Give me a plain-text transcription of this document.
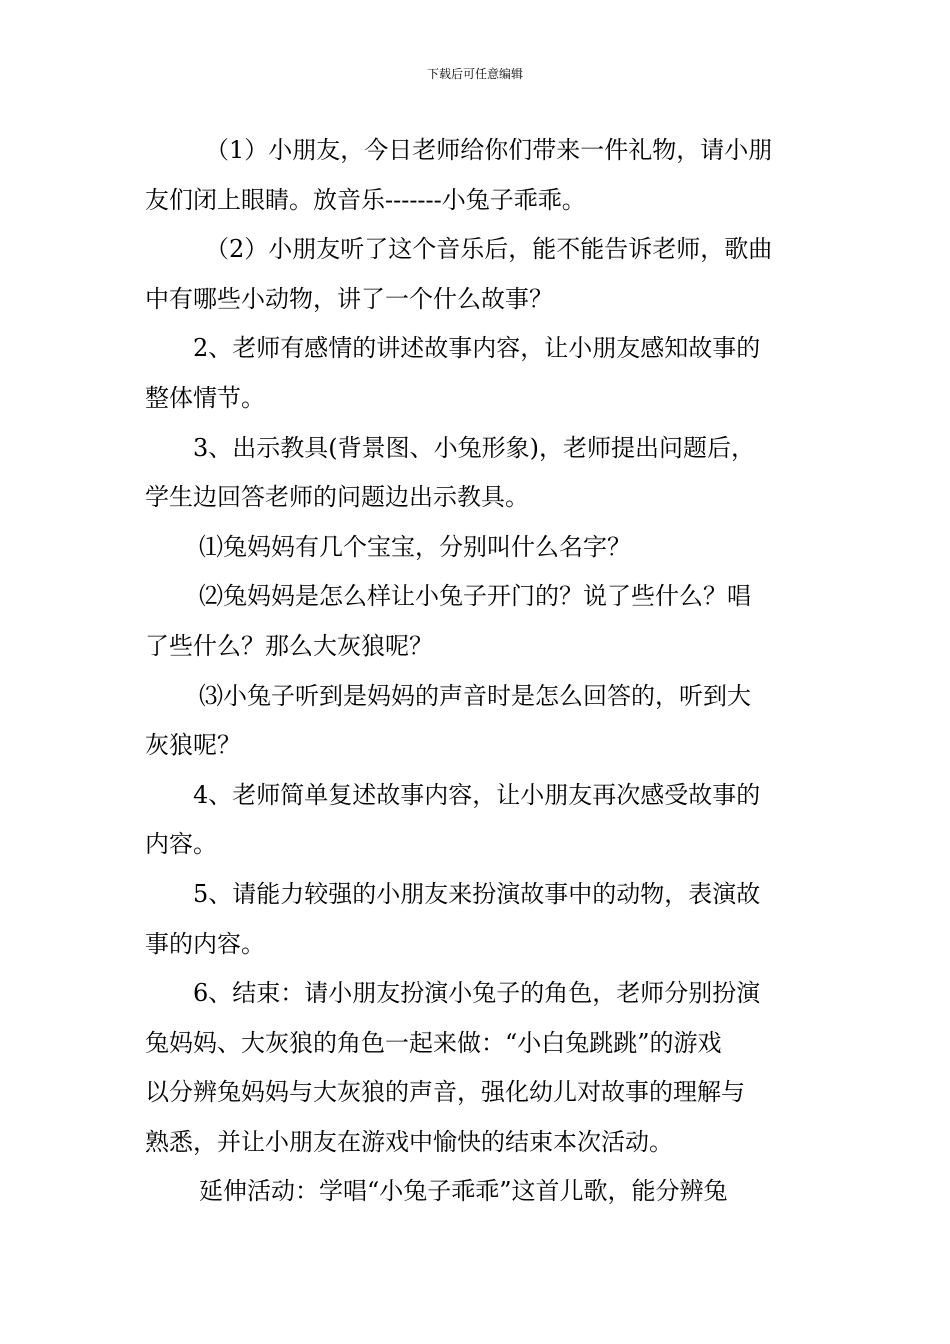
下载后可任意编辑
（1）小朋友，今日老师给你们带来一件礼物，请小朋
友们闭上眼睛。放音乐-------小兔子乖乖。
（2）小朋友听了这个音乐后，能不能告诉老师，歌曲
中有哪些小动物，讲了一个什么故事？
2、老师有感情的讲述故事内容，让小朋友感知故事的
整体情节。
3、出示教具(背景图、小兔形象)，老师提出问题后，
学生边回答老师的问题边出示教具。
⑴兔妈妈有几个宝宝，分别叫什么名字？
⑵兔妈妈是怎么样让小兔子开门的？说了些什么？唱
了些什么？那么大灰狼呢？
⑶小兔子听到是妈妈的声音时是怎么回答的，听到大
灰狼呢？
4、老师简单复述故事内容，让小朋友再次感受故事的
内容。
5、请能力较强的小朋友来扮演故事中的动物，表演故
事的内容。
6、结束：请小朋友扮演小兔子的角色，老师分别扮演
兔妈妈、大灰狼的角色一起来做：“小白兔跳跳”的游戏
以分辨兔妈妈与大灰狼的声音，强化幼儿对故事的理解与
熟悉，并让小朋友在游戏中愉快的结束本次活动。
延伸活动：学唱“小兔子乖乖”这首儿歌，能分辨兔
